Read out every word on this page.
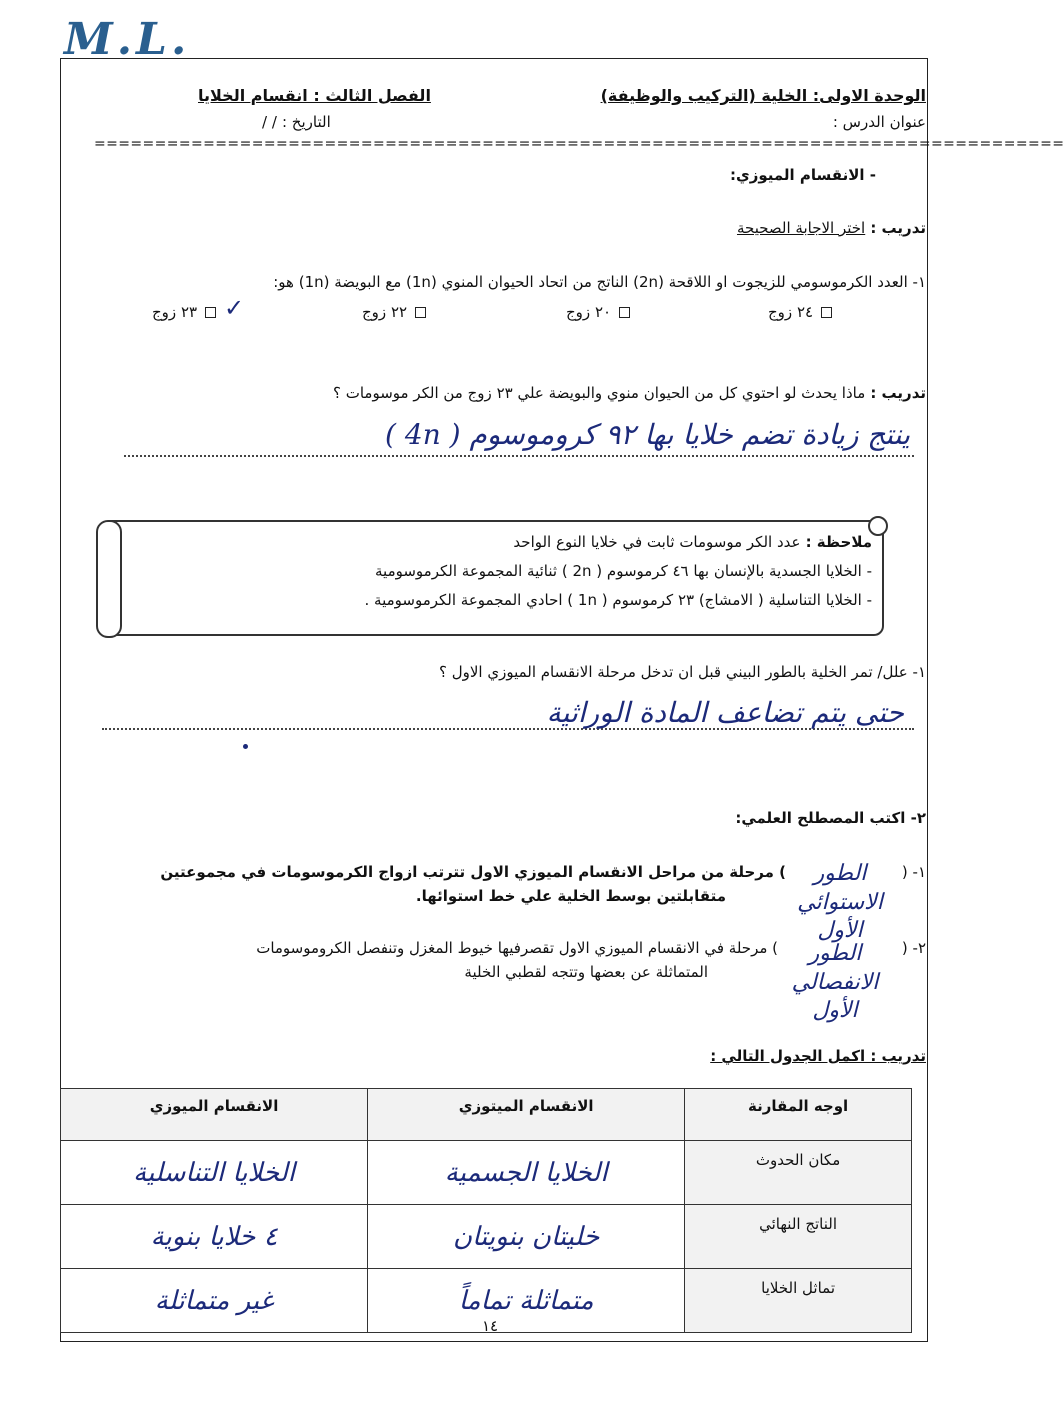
M.L.
الوحدة الاولى: الخلية (التركيب والوظيفة)
الفصل الثالث : انقسام الخلايا
عنوان الدرس :
التاريخ : / /
================================================================================
- الانقسام الميوزي:
تدريب : اختر الاجابة الصحيحة
١- العدد الكرموسومي للزيجوت او اللاقحة (2n) الناتج من اتحاد الحيوان المنوي (1n) مع البويضة (1n) هو:
٢٤ زوج
٢٠ زوج
٢٢ زوج
٢٣ زوج	✓
تدريب : ماذا يحدث لو احتوي كل من الحيوان منوي والبويضة علي ٢٣ زوج من الكر موسومات ؟
ينتج زيادة تضم خلايا بها ٩٢ كروموسوم ( 4n )
ملاحظة : عدد الكر موسومات ثابت في خلايا النوع الواحد
- الخلايا الجسدية بالإنسان بها ٤٦ كرموسوم ( 2n ) ثنائية المجموعة الكرموسومية
- الخلايا التناسلية ( الامشاج) ٢٣ كرموسوم ( 1n ) احادي المجموعة الكرموسومية .
١- علل/ تمر الخلية بالطور البيني قبل ان تدخل مرحلة الانقسام الميوزي الاول ؟
حتى يتم تضاعف المادة الوراثية
٢- اكتب المصطلح العلمي:
١- (
) مرحلة من مراحل الانقسام الميوزي الاول تترتب ازواج الكرموسومات في مجموعتين
متقابلتين بوسط الخلية علي خط استوائها.
الطور الاستوائي الأول
٢- (
) مرحلة في الانقسام الميوزي الاول تقصرفيها خيوط المغزل وتنفصل الكروموسومات
المتماثلة عن بعضها وتتجه لقطبي الخلية
الطور الانفصالي الأول
تدريب : اكمل الجدول التالي :
اوجه المقارنة	الانقسام الميتوزي	الانقسام الميوزي
مكان الحدوث	الخلايا الجسمية	الخلايا التناسلية
الناتج النهائي	خليتان بنويتان	٤ خلايا بنوية
تماثل الخلايا	متماثلة تماماً	غير متماثلة
١٤
